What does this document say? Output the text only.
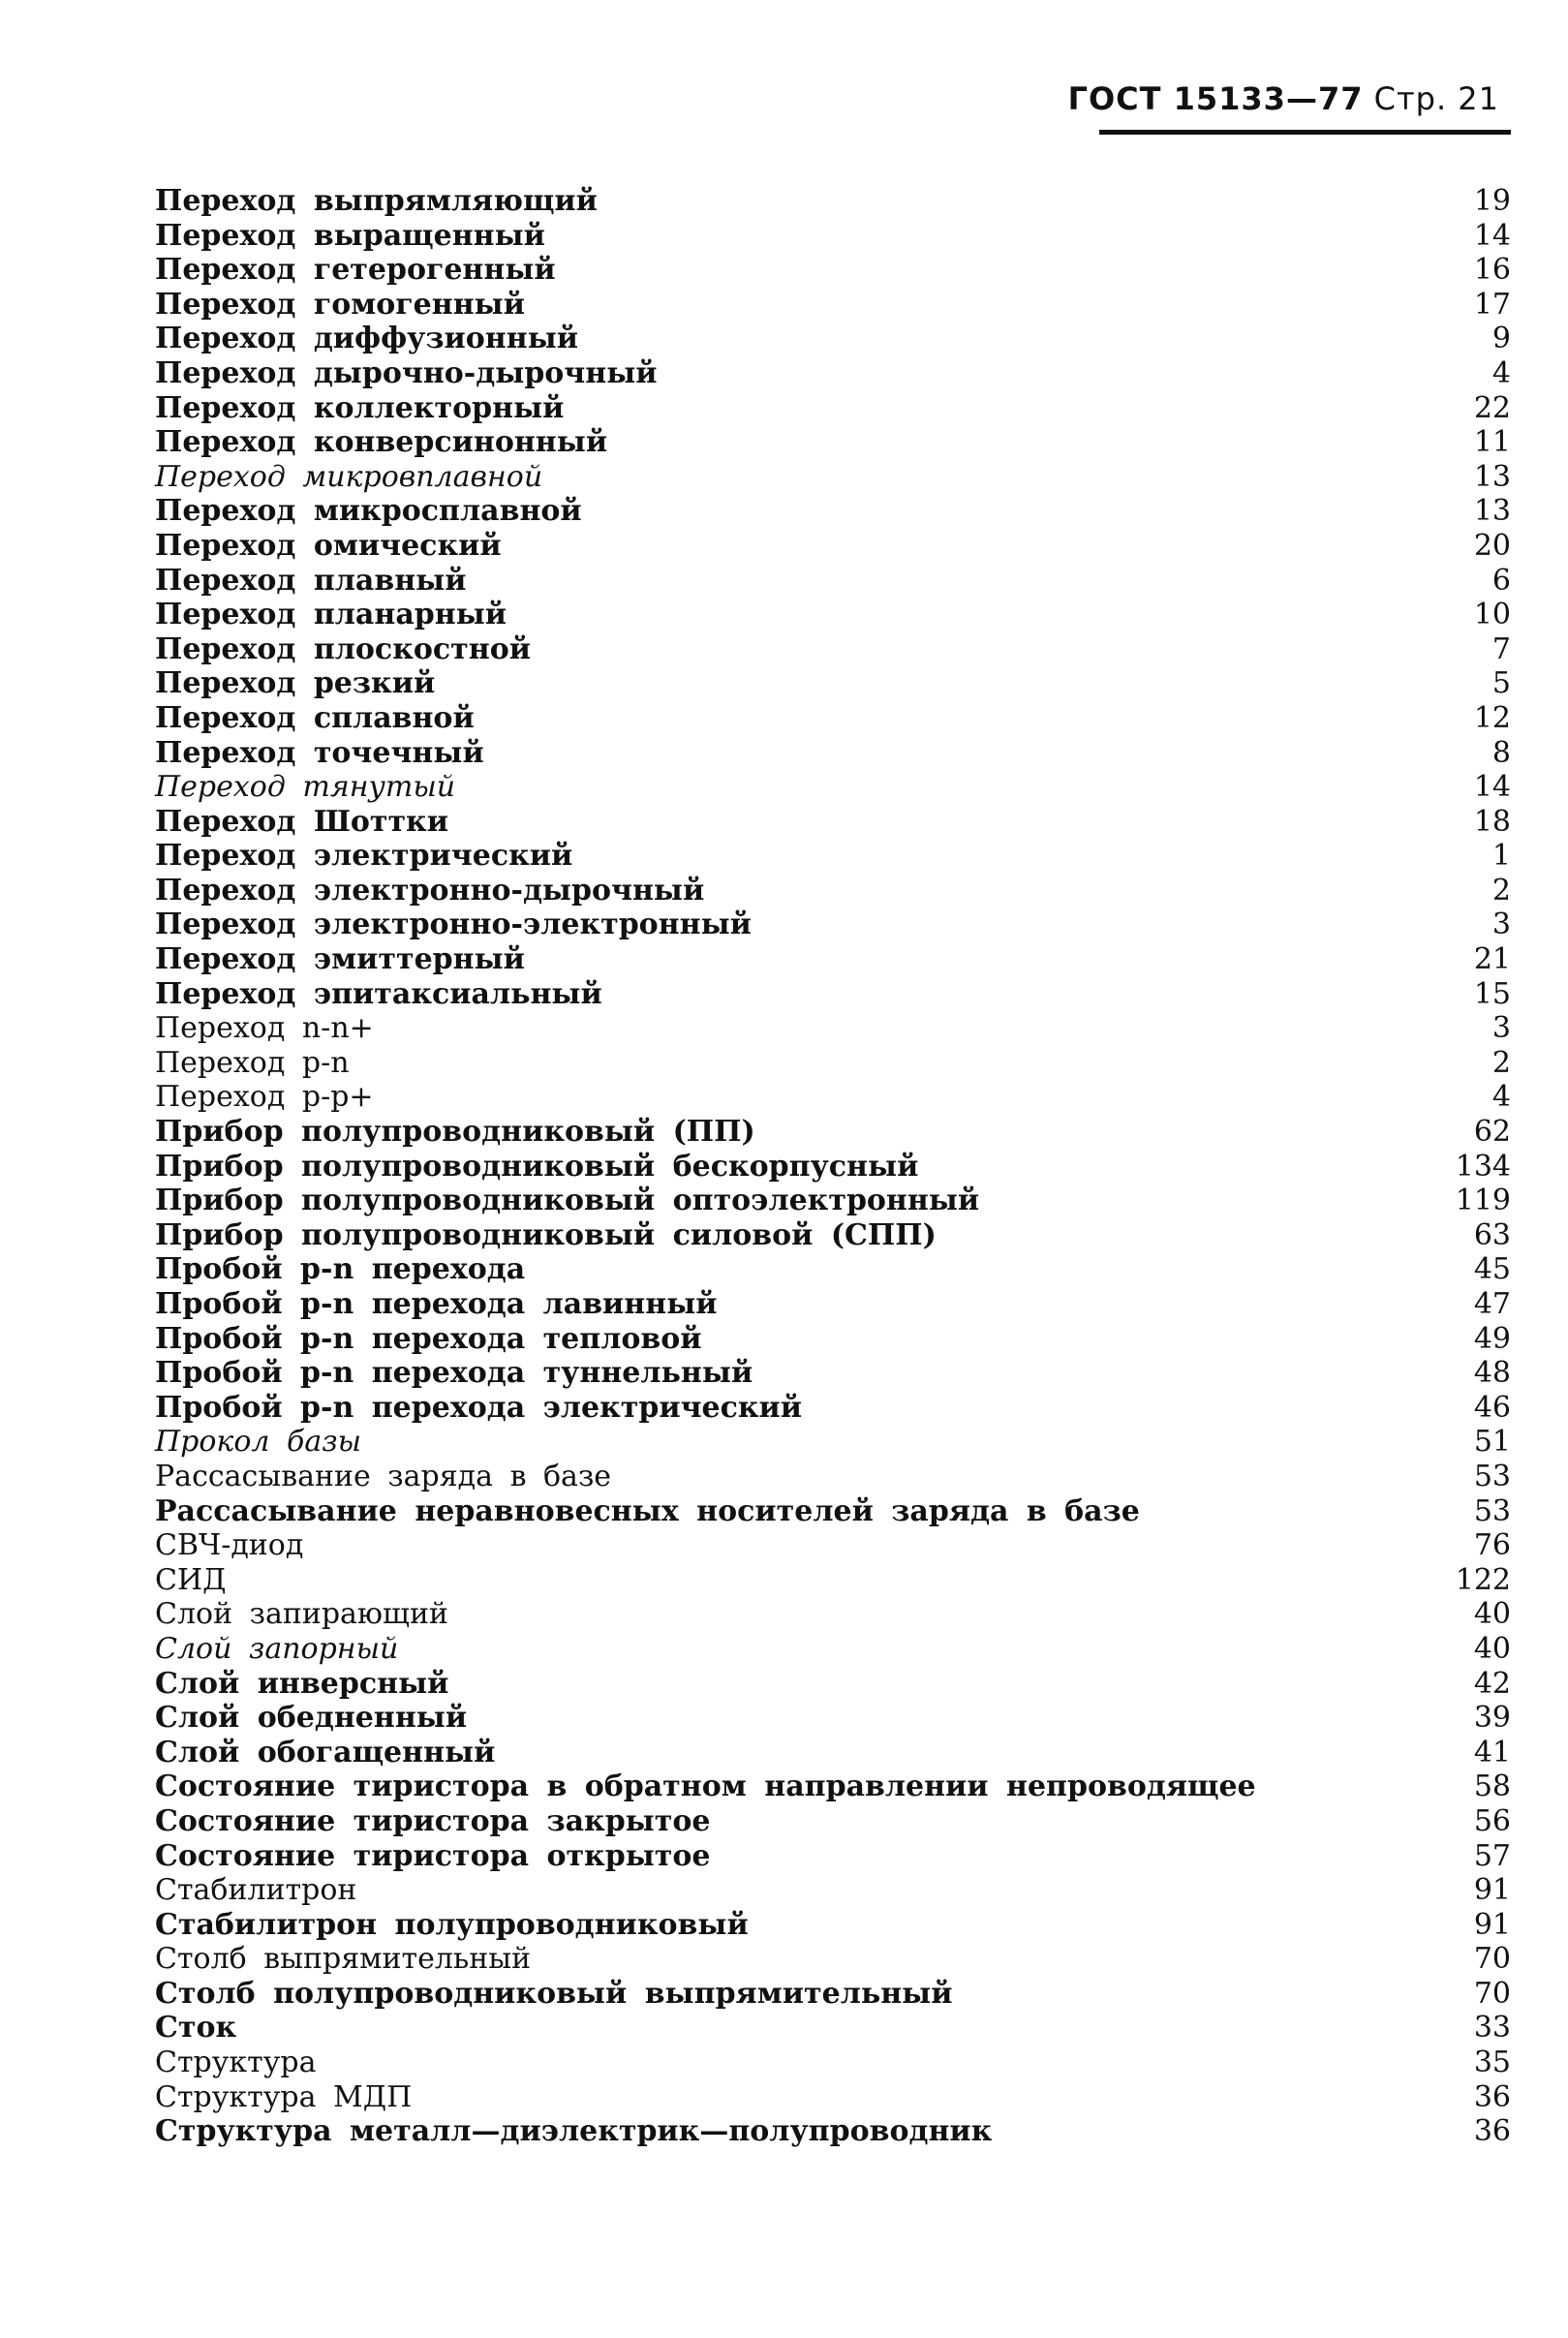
ГОСТ 15133—77 Стр. 21
Переход выпрямляющий	19
Переход выращенный	14
Переход гетерогенный	16
Переход гомогенный	17
Переход диффузионный	9
Переход дырочно-дырочный	4
Переход коллекторный	22
Переход конверсинонный	11
Переход микровплавной	13
Переход микросплавной	13
Переход омический	20
Переход плавный	6
Переход планарный	10
Переход плоскостной	7
Переход резкий	5
Переход сплавной	12
Переход точечный	8
Переход тянутый	14
Переход Шоттки	18
Переход электрический	1
Переход электронно-дырочный	2
Переход электронно-электронный	3
Переход эмиттерный	21
Переход эпитаксиальный	15
Переход n-n+	3
Переход p-n	2
Переход p-p+	4
Прибор полупроводниковый (ПП)	62
Прибор полупроводниковый бескорпусный	134
Прибор полупроводниковый оптоэлектронный	119
Прибор полупроводниковый силовой (СПП)	63
Пробой p-n перехода	45
Пробой p-n перехода лавинный	47
Пробой p-n перехода тепловой	49
Пробой p-n перехода туннельный	48
Пробой p-n перехода электрический	46
Прокол базы	51
Рассасывание заряда в базе	53
Рассасывание неравновесных носителей заряда в базе	53
СВЧ-диод	76
СИД	122
Слой запирающий	40
Слой запорный	40
Слой инверсный	42
Слой обедненный	39
Слой обогащенный	41
Состояние тиристора в обратном направлении непроводящее	58
Состояние тиристора закрытое	56
Состояние тиристора открытое	57
Стабилитрон	91
Стабилитрон полупроводниковый	91
Столб выпрямительный	70
Столб полупроводниковый выпрямительный	70
Сток	33
Структура	35
Структура МДП	36
Структура металл—диэлектрик—полупроводник	36
